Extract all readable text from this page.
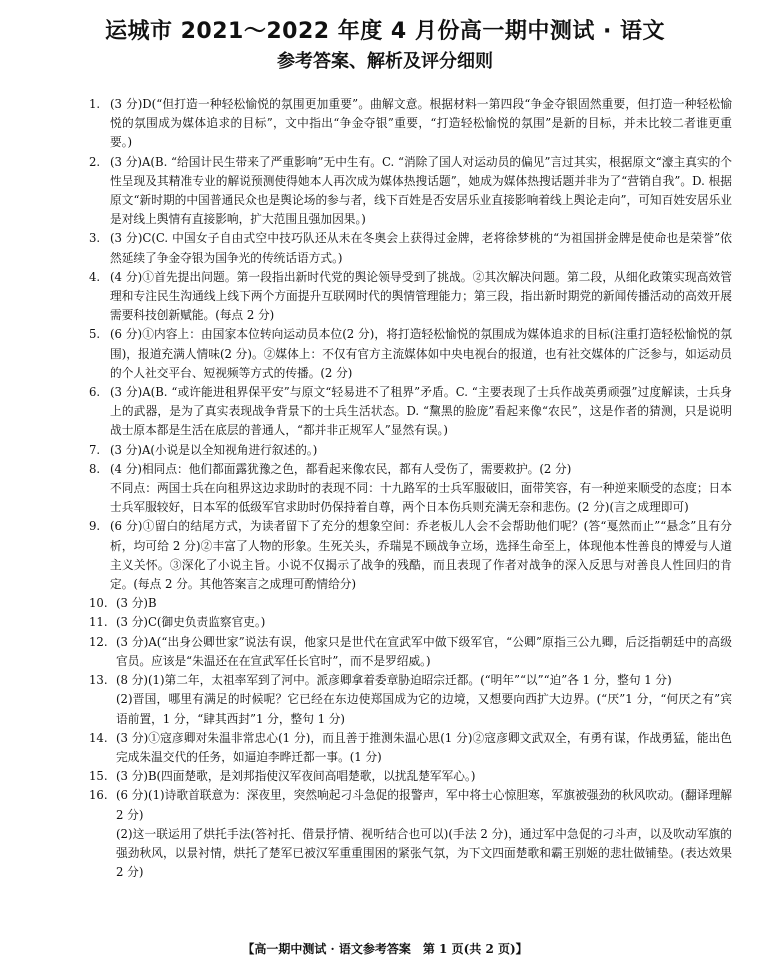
运城市 2021～2022 年度 4 月份高一期中测试 · 语文
参考答案、解析及评分细则
1. (3 分)D(“但打造一种轻松愉悦的氛围更加重要”。曲解文意。根据材料一第四段“争金夺银固然重要，但打造一种轻松愉悦的氛围成为媒体追求的目标”，文中指出“争金夺银”重要，“打造轻松愉悦的氛围”是新的目标，并未比较二者谁更重要。)

2. (3 分)A(B. “给国计民生带来了严重影响”无中生有。C. “消除了国人对运动员的偏见”言过其实，根据原文“濠主真实的个性呈现及其精准专业的解说预测使得她本人再次成为媒体热搜话题”，她成为媒体热搜话题并非为了“营销自我”。D. 根据原文“新时期的中国普通民众也是舆论场的参与者，线下百姓是否安居乐业直接影响着线上舆论走向”，可知百姓安居乐业是对线上舆情有直接影响，扩大范围且强加因果。)

3. (3 分)C(C. 中国女子自由式空中技巧队还从未在冬奥会上获得过金牌，老将徐梦桃的“为祖国拼金牌是使命也是荣誉”依然延续了争金夺银为国争光的传统话语方式。)

4. (4 分)①首先提出问题。第一段指出新时代党的舆论领导受到了挑战。②其次解决问题。第二段，从细化政策实现高效管理和专注民生沟通线上线下两个方面提升互联网时代的舆情管理能力；第三段，指出新时期党的新闻传播活动的高效开展需要科技创新赋能。(每点 2 分)

5. (6 分)①内容上：由国家本位转向运动员本位(2 分)，将打造轻松愉悦的氛围成为媒体追求的目标(注重打造轻松愉悦的氛围)，报道充满人情味(2 分)。②媒体上：不仅有官方主流媒体如中央电视台的报道，也有社交媒体的广泛参与，如运动员的个人社交平台、短视频等方式的传播。(2 分)

6. (3 分)A(B. “或许能进租界保平安”与原文“轻易进不了租界”矛盾。C. “主要表现了士兵作战英勇顽强”过度解读，士兵身上的武器，是为了真实表现战争背景下的士兵生活状态。D. “黧黑的脸庞”看起来像“农民”，这是作者的猜测，只是说明战士原本都是生活在底层的普通人，“都并非正规军人”显然有误。)

7. (3 分)A(小说是以全知视角进行叙述的。)

8. (4 分)相同点：他们都面露犹豫之色，都看起来像农民，都有人受伤了，需要救护。(2 分)

不同点：两国士兵在向租界这边求助时的表现不同：十九路军的士兵军服破旧，面带笑容，有一种逆来顺受的态度；日本士兵军服较好，日本军的低级军官求助时仍保持着自尊，两个日本伤兵则充满无奈和悲伤。(2 分)(言之成理即可)

9. (6 分)①留白的结尾方式，为读者留下了充分的想象空间：乔老板儿人会不会帮助他们呢？(答“戛然而止”“悬念”且有分析，均可给 2 分)②丰富了人物的形象。生死关头，乔瑞晃不顾战争立场，选择生命至上，体现他本性善良的博爱与人道主义关怀。③深化了小说主旨。小说不仅揭示了战争的残酷，而且表现了作者对战争的深入反思与对善良人性回归的肯定。(每点 2 分。其他答案言之成理可酌情给分)

10. (3 分)B

11. (3 分)C(御史负责监察官吏。)

12. (3 分)A(“出身公卿世家”说法有误，他家只是世代在宣武军中做下级军官，“公卿”原指三公九卿，后泛指朝廷中的高级官员。应该是“朱温还在在宣武军任长官时”，而不是罗绍威。)

13. (8 分)(1)第二年，太祖率军到了河中。派彦卿拿着委章胁迫昭宗迁都。(“明年”“以”“迫”各 1 分，整句 1 分)

(2)晋国，哪里有满足的时候呢？它已经在东边使郑国成为它的边境，又想要向西扩大边界。(“厌”1 分，“何厌之有”宾语前置，1 分，“肆其西封”1 分，整句 1 分)

14. (3 分)①寇彦卿对朱温非常忠心(1 分)，而且善于推测朱温心思(1 分)②寇彦卿文武双全，有勇有谋，作战勇猛，能出色完成朱温交代的任务，如逼迫李晔迁都一事。(1 分)

15. (3 分)B(四面楚歌，是刘邦指使汉军夜间高唱楚歌，以扰乱楚军军心。)

16. (6 分)(1)诗歌首联意为：深夜里，突然响起刁斗急促的报警声，军中将士心惊胆寒，军旗被强劲的秋风吹动。(翻译理解 2 分)

(2)这一联运用了烘托手法(答衬托、借景抒情、视听结合也可以)(手法 2 分)，通过军中急促的刁斗声，以及吹动军旗的强劲秋风，以景衬情，烘托了楚军已被汉军重重围困的紧张气氛，为下文四面楚歌和霸王别姬的悲壮做铺垫。(表达效果 2 分)

【高一期中测试 · 语文参考答案　第 1 页(共 2 页)】
